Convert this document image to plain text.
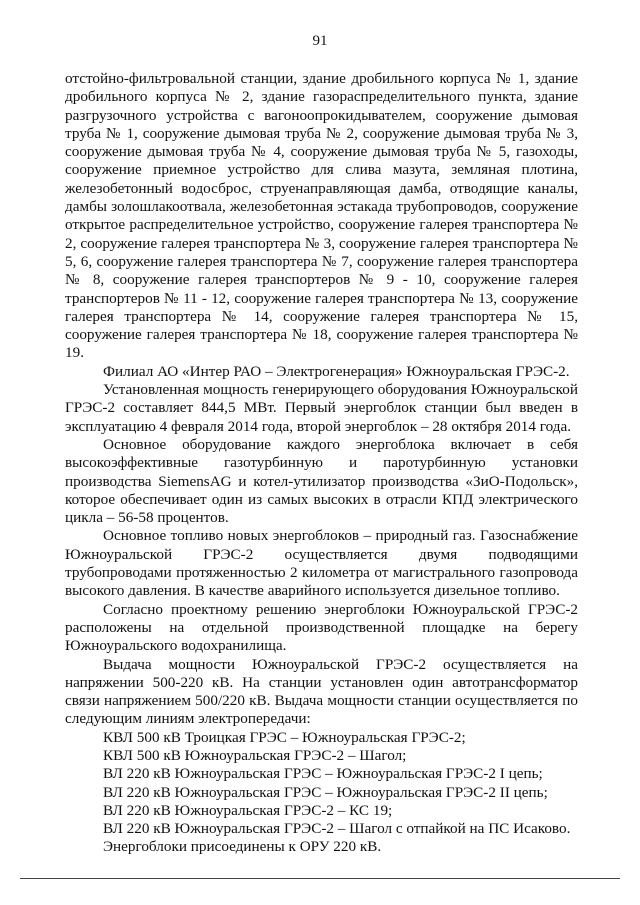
91

отстойно-фильтровальной станции, здание дробильного корпуса № 1, здание дробильного корпуса № 2, здание газораспределительного пункта, здание разгрузочного устройства с вагоноопрокидывателем, сооружение дымовая труба № 1, сооружение дымовая труба № 2, сооружение дымовая труба № 3, сооружение дымовая труба № 4, сооружение дымовая труба № 5, газоходы, сооружение приемное устройство для слива мазута, земляная плотина, железобетонный водосброс, струенаправляющая дамба, отводящие каналы, дамбы золошлакоотвала, железобетонная эстакада трубопроводов, сооружение открытое распределительное устройство, сооружение галерея транспортера № 2, сооружение галерея транспортера № 3, сооружение галерея транспортера № 5, 6, сооружение галерея транспортера № 7, сооружение галерея транспортера № 8, сооружение галерея транспортеров № 9 - 10, сооружение галерея транспортеров № 11 - 12, сооружение галерея транспортера № 13, сооружение галерея транспортера № 14, сооружение галерея транспортера № 15, сооружение галерея транспортера № 18, сооружение галерея транспортера № 19.

Филиал АО «Интер РАО – Электрогенерация» Южноуральская ГРЭС-2.

Установленная мощность генерирующего оборудования Южноуральской ГРЭС-2 составляет 844,5 МВт. Первый энергоблок станции был введен в эксплуатацию 4 февраля 2014 года, второй энергоблок – 28 октября 2014 года.

Основное оборудование каждого энергоблока включает в себя высокоэффективные газотурбинную и паротурбинную установки производства SiemensAG и котел-утилизатор производства «ЗиО-Подольск», которое обеспечивает один из самых высоких в отрасли КПД электрического цикла – 56-58 процентов.

Основное топливо новых энергоблоков – природный газ. Газоснабжение Южноуральской ГРЭС-2 осуществляется двумя подводящими трубопроводами протяженностью 2 километра от магистрального газопровода высокого давления. В качестве аварийного используется дизельное топливо.

Согласно проектному решению энергоблоки Южноуральской ГРЭС-2 расположены на отдельной производственной площадке на берегу Южноуральского водохранилища.

Выдача мощности Южноуральской ГРЭС-2 осуществляется на напряжении 500-220 кВ. На станции установлен один автотрансформатор связи напряжением 500/220 кВ. Выдача мощности станции осуществляется по следующим линиям электропередачи:

КВЛ 500 кВ Троицкая ГРЭС – Южноуральская ГРЭС-2;

КВЛ 500 кВ Южноуральская ГРЭС-2 – Шагол;

ВЛ 220 кВ Южноуральская ГРЭС – Южноуральская ГРЭС-2 I цепь;

ВЛ 220 кВ Южноуральская ГРЭС – Южноуральская ГРЭС-2 II цепь;

ВЛ 220 кВ Южноуральская ГРЭС-2 – КС 19;

ВЛ 220 кВ Южноуральская ГРЭС-2 – Шагол с отпайкой на ПС Исаково.

Энергоблоки присоединены к ОРУ 220 кВ.
